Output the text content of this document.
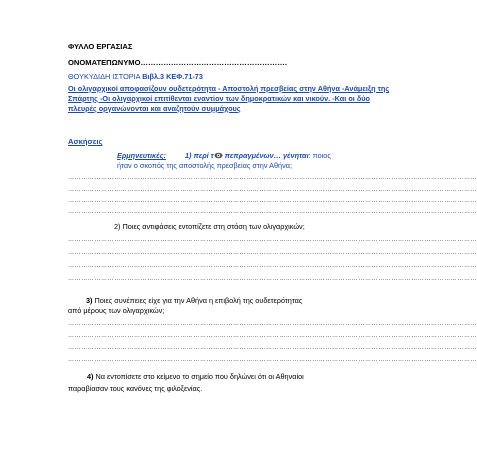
ΦΥΛΛΟ ΕΡΓΑΣΙΑΣ
ΟΝΟΜΑΤΕΠΩΝΥΜΟ………………………………………………….
ΘΟΥΚΥΔΙΔΗ ΙΣΤΟΡΙΑ Βιβλ.3 ΚΕΦ.71-73
Οι ολιγαρχικοί αποφασίζουν ουδετερότητα - Αποστολή πρεσβείας στην Αθήνα -Ανάμειξη της Σπάρτης -Οι ολιγαρχικοί επιτίθενται εναντίον των δημοκρατικών και νικούν. -Και οι δύο πλευρές οργανώνονται και αναζητούν συμμάχους
Ασκήσεις
Ερμηνευτικές:	1) περί τ πεπραγμένων… γένηται: ποιος
ήταν ο σκοπός της αποστολής πρεσβείας στην Αθήνα;
……………………………………………………………………………………………………………………………………………………………………
……………………………………………………………………………………………………………………………………………………………………
……………………………………………………………………………………………………………………………………………………………………
……………………………………………………………………………………………………………………………………………………………………
2) Ποιες αντιφάσεις εντοπίζετε στη στάση των ολιγαρχικών;
……………………………………………………………………………………………………………………………………………………………………
……………………………………………………………………………………………………………………………………………………………………
……………………………………………………………………………………………………………………………………………………………………
……………………………………………………………………………………………………………………………………………………………………
3) Ποιες συνέπειες είχε για την Αθήνα η επιβολή της ουδετερότητας
από μέρους των ολιγαρχικών;
……………………………………………………………………………………………………………………………………………………………………
……………………………………………………………………………………………………………………………………………………………………
……………………………………………………………………………………………………………………………………………………………………
……………………………………………………………………………………………………………………………………………………………………
4) Να εντοπίσετε στο κείμενο το σημείο που δηλώνει ότι οι Αθηναίοι
παραβίασαν τους κανόνες της φιλοξενίας.
